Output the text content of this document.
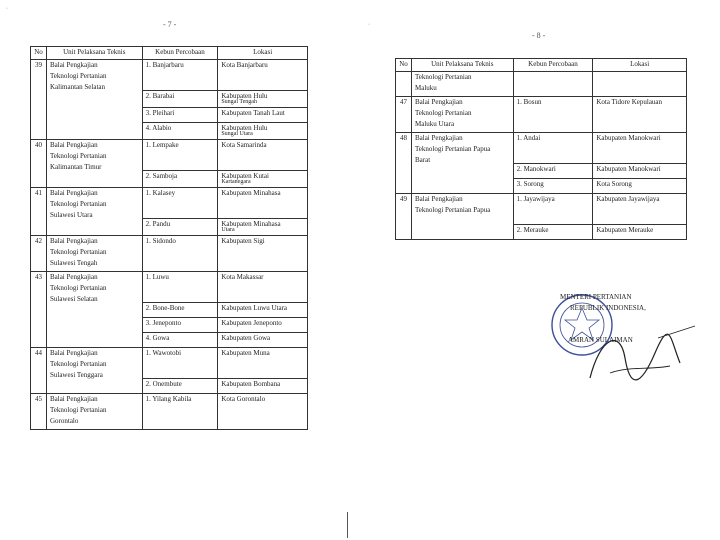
- 7 -
- 8 -
·
·
No	Unit Pelaksana Teknis	Kebun Percobaan	Lokasi
39	Balai Pengkajian
Teknologi Pertanian
Kalimantan Selatan	1. Banjarbaru	Kota Banjarbaru
		2. Barabai	Kabupaten Hulu
Sungai Tengah

		3. Pleihari	Kabupaten Tanah Laut
		4. Alabio	Kabupaten Hulu
Sungai Utara

40	Balai Pengkajian
Teknologi Pertanian
Kalimantan Timur	1. Lempake	Kota Samarinda
		2. Samboja	Kabupaten Kutai
Kartanegara

41	Balai Pengkajian
Teknologi Pertanian
Sulawesi Utara	1. Kalasey	Kabupaten Minahasa
		2. Pandu	Kabupaten Minahasa
Utara

42	Balai Pengkajian
Teknologi Pertanian
Sulawesi Tengah	1. Sidondo	Kabupaten Sigi
43	Balai Pengkajian
Teknologi Pertanian
Sulawesi Selatan	1. Luwu	Kota Makassar
		2. Bone-Bone	Kabupaten Luwu Utara
		3. Jeneponto	Kabupaten Jeneponto
		4. Gowa	Kabupaten Gowa
44	Balai Pengkajian
Teknologi Pertanian
Sulawesi Tenggara	1. Wawotobi	Kabupaten Muna
		2. Onembute	Kabupaten Bombana
45	Balai Pengkajian
Teknologi Pertanian
Gorontalo	1. Yilang Kabila	Kota Gorontalo
No	Unit Pelaksana Teknis	Kebun Percobaan	Lokasi

	Teknologi Pertanian
Maluku		

47	Balai Pengkajian
Teknologi Pertanian
Maluku Utara	1. Bosun	Kota Tidore Kepulauan
48	Balai Pengkajian
Teknologi Pertanian Papua
Barat	1. Andai	Kabupaten Manokwari
		2. Manokwari	Kabupaten Manokwari
		3. Sorong	Kota Sorong
49	Balai Pengkajian
Teknologi Pertanian Papua	1. Jayawijaya	Kabupaten Jayawijaya
		2. Merauke	Kabupaten Merauke
MENTERI PERTANIAN
REPUBLIK INDONESIA,
AMRAN SULAIMAN
